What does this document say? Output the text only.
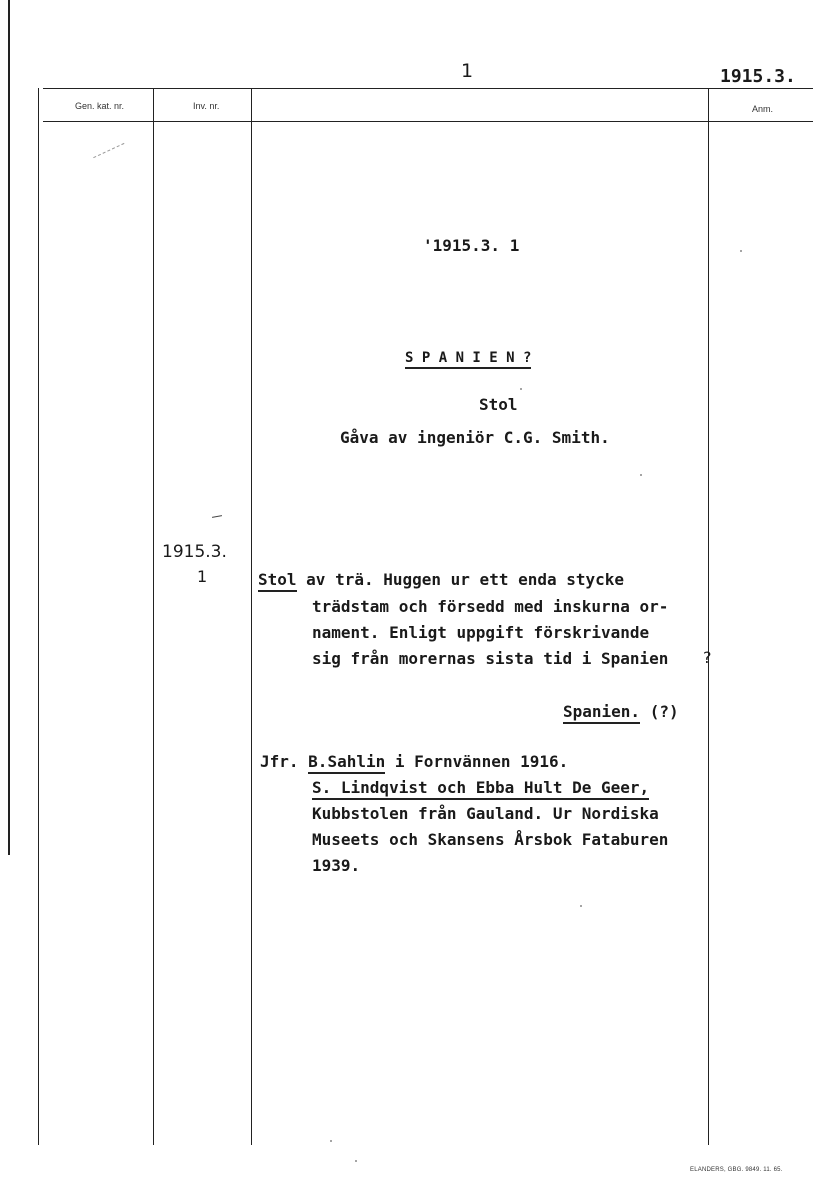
1	1915.3.
Gen. kat. nr.	Inv. nr.	Anm.
'1915.3. 1
S P A N I E N ?
Stol
Gåva av ingeniör C.G. Smith.
1915.3.
1	Stol av trä. Huggen ur ett enda stycke
trädstam och försedd med inskurna or-
nament. Enligt uppgift förskrivande
sig från morernas sista tid i Spanien ?
Spanien. (?)
Jfr. B.Sahlin i Fornvännen 1916.
S. Lindqvist och Ebba Hult De Geer,
Kubbstolen från Gauland. Ur Nordiska
Museets och Skansens Årsbok Fataburen
1939.
ELANDERS, GBG. 9849. 11. 65.
